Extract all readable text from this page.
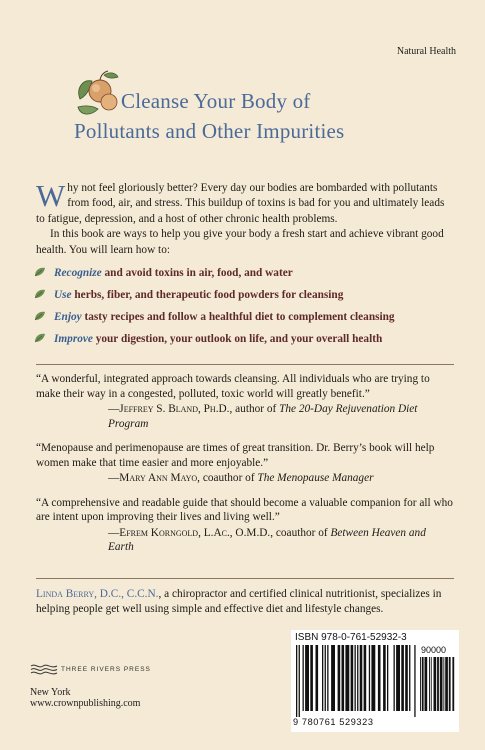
Natural Health
Cleanse Your Body of
Pollutants and Other Impurities

Why not feel gloriously better? Every day our bodies are bombarded with pollutants from food, air, and stress. This buildup of toxins is bad for you and ultimately leads to fatigue, depression, and a host of other chronic health problems.

In this book are ways to help you give your body a fresh start and achieve vibrant good health. You will learn how to:

Recognize and avoid toxins in air, food, and water
Use herbs, fiber, and therapeutic food powders for cleansing
Enjoy tasty recipes and follow a healthful diet to complement cleansing
Improve your digestion, your outlook on life, and your overall health
“A wonderful, integrated approach towards cleansing. All individuals who are trying to make their way in a congested, polluted, toxic world will greatly benefit.”
—Jeffrey S. Bland, Ph.D., author of The 20-Day Rejuvenation Diet Program
“Menopause and perimenopause are times of great transition. Dr. Berry’s book will help women make that time easier and more enjoyable.”
—Mary Ann Mayo, coauthor of The Menopause Manager
“A comprehensive and readable guide that should become a valuable companion for all who are intent upon improving their lives and living well.”
—Efrem Korngold, L.Ac., O.M.D., coauthor of Between Heaven and Earth
Linda Berry, D.C., C.C.N., a chiropractor and certified clinical nutritionist, specializes in helping people get well using simple and effective diet and lifestyle changes.
THREE RIVERS PRESS
New York
www.crownpublishing.com
ISBN 978-0-761-52932-3
90000
9 780761 529323
